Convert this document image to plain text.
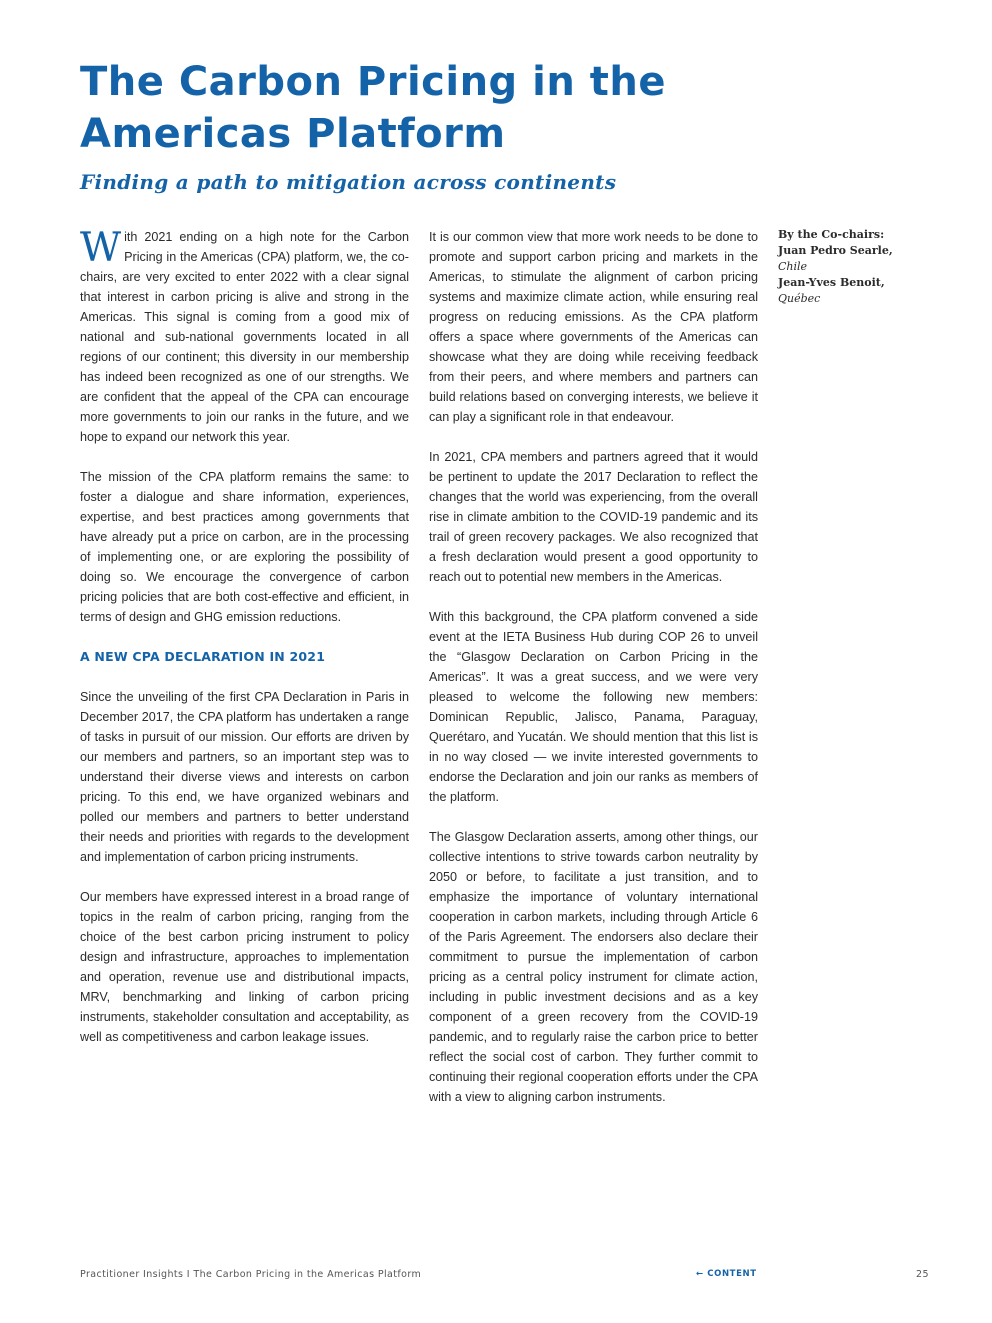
The Carbon Pricing in the Americas Platform
Finding a path to mitigation across continents

With 2021 ending on a high note for the Carbon Pricing in the Americas (CPA) platform, we, the co-chairs, are very excited to enter 2022 with a clear signal that interest in carbon pricing is alive and strong in the Americas. This signal is coming from a good mix of national and sub-national governments located in all regions of our continent; this diversity in our membership has indeed been recognized as one of our strengths. We are confident that the appeal of the CPA can encourage more governments to join our ranks in the future, and we hope to expand our network this year.

The mission of the CPA platform remains the same: to foster a dialogue and share information, experiences, expertise, and best practices among governments that have already put a price on carbon, are in the processing of implementing one, or are exploring the possibility of doing so. We encourage the convergence of carbon pricing policies that are both cost-effective and efficient, in terms of design and GHG emission reductions.

A NEW CPA DECLARATION IN 2021

Since the unveiling of the first CPA Declaration in Paris in December 2017, the CPA platform has undertaken a range of tasks in pursuit of our mission. Our efforts are driven by our members and partners, so an important step was to understand their diverse views and interests on carbon pricing. To this end, we have organized webinars and polled our members and partners to better understand their needs and priorities with regards to the development and implementation of carbon pricing instruments.

Our members have expressed interest in a broad range of topics in the realm of carbon pricing, ranging from the choice of the best carbon pricing instrument to policy design and infrastructure, approaches to implementation and operation, revenue use and distributional impacts, MRV, benchmarking and linking of carbon pricing instruments, stakeholder consultation and acceptability, as well as competitiveness and carbon leakage issues.

It is our common view that more work needs to be done to promote and support carbon pricing and markets in the Americas, to stimulate the alignment of carbon pricing systems and maximize climate action, while ensuring real progress on reducing emissions. As the CPA platform offers a space where governments of the Americas can showcase what they are doing while receiving feedback from their peers, and where members and partners can build relations based on converging interests, we believe it can play a significant role in that endeavour.

In 2021, CPA members and partners agreed that it would be pertinent to update the 2017 Declaration to reflect the changes that the world was experiencing, from the overall rise in climate ambition to the COVID-19 pandemic and its trail of green recovery packages. We also recognized that a fresh declaration would present a good opportunity to reach out to potential new members in the Americas.

With this background, the CPA platform convened a side event at the IETA Business Hub during COP 26 to unveil the “Glasgow Declaration on Carbon Pricing in the Americas”. It was a great success, and we were very pleased to welcome the following new members: Dominican Republic, Jalisco, Panama, Paraguay, Querétaro, and Yucatán. We should mention that this list is in no way closed — we invite interested governments to endorse the Declaration and join our ranks as members of the platform.

The Glasgow Declaration asserts, among other things, our collective intentions to strive towards carbon neutrality by 2050 or before, to facilitate a just transition, and to emphasize the importance of voluntary international cooperation in carbon markets, including through Article 6 of the Paris Agreement. The endorsers also declare their commitment to pursue the implementation of carbon pricing as a central policy instrument for climate action, including in public investment decisions and as a key component of a green recovery from the COVID-19 pandemic, and to regularly raise the carbon price to better reflect the social cost of carbon. They further commit to continuing their regional cooperation efforts under the CPA with a view to aligning carbon instruments.

By the Co-chairs:
Juan Pedro Searle,
Chile
Jean-Yves Benoit,
Québec
Practitioner Insights I The Carbon Pricing in the Americas Platform	← CONTENT	25
